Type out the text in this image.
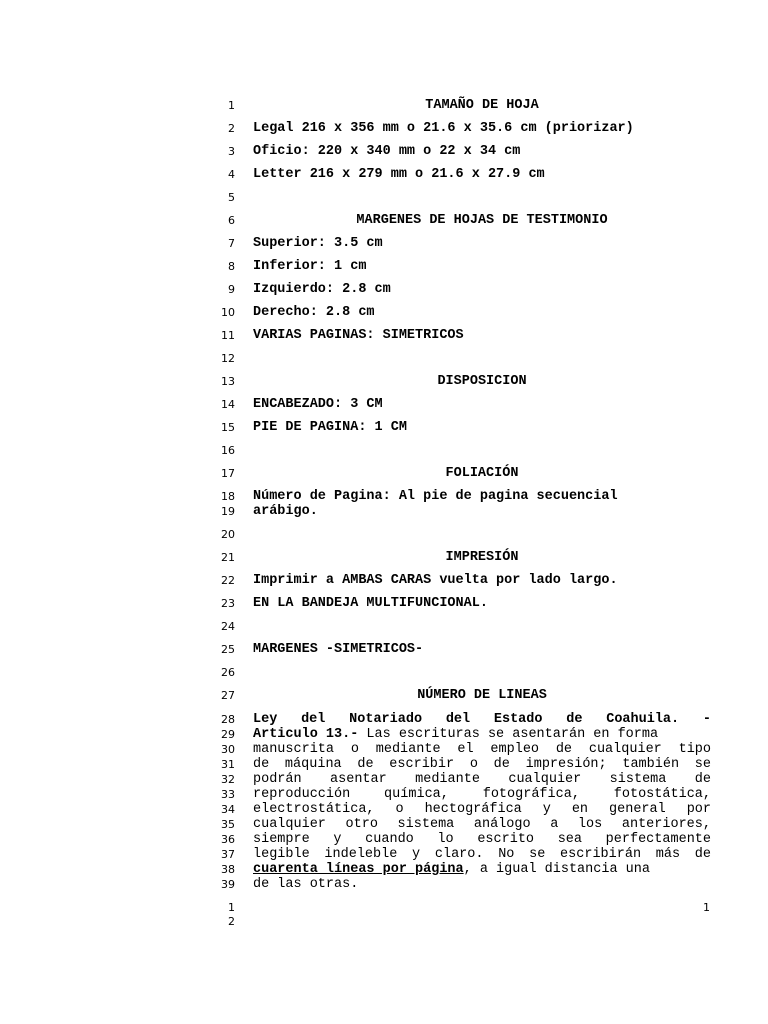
1
2
3
4
5
6
7
8
9
10
11
12
13
14
15
16
17
18
19
20
21
22
23
24
25
26
27
28
29
30
31
32
33
34
35
36
37
38
39
TAMAÑO DE HOJA
Legal 216 x 356 mm o 21.6 x 35.6 cm (priorizar)
Oficio: 220 x 340 mm o 22 x 34 cm
Letter 216 x 279 mm o 21.6 x 27.9 cm
MARGENES DE HOJAS DE TESTIMONIO
Superior: 3.5 cm
Inferior: 1 cm
Izquierdo: 2.8 cm
Derecho: 2.8 cm
VARIAS PAGINAS: SIMETRICOS
DISPOSICION
ENCABEZADO: 3 CM
PIE DE PAGINA: 1 CM
FOLIACIÓN
Número de Pagina: Al pie de pagina secuencial
arábigo.
IMPRESIÓN
Imprimir a AMBAS CARAS vuelta por lado largo.
EN LA BANDEJA MULTIFUNCIONAL.
MARGENES -SIMETRICOS-
NÚMERO DE LINEAS
Ley del Notariado del Estado de Coahuila. -
Articulo 13.- Las escrituras se asentarán en forma
manuscrita o mediante el empleo de cualquier tipo
de máquina de escribir o de impresión; también se
podrán asentar mediante cualquier sistema de
reproducción química, fotográfica, fotostática,
electrostática, o hectográfica y en general por
cualquier otro sistema análogo a los anteriores,
siempre y cuando lo escrito sea perfectamente
legible indeleble y claro. No se escribirán más de
cuarenta líneas por página, a igual distancia una
de las otras.
1
2
1
